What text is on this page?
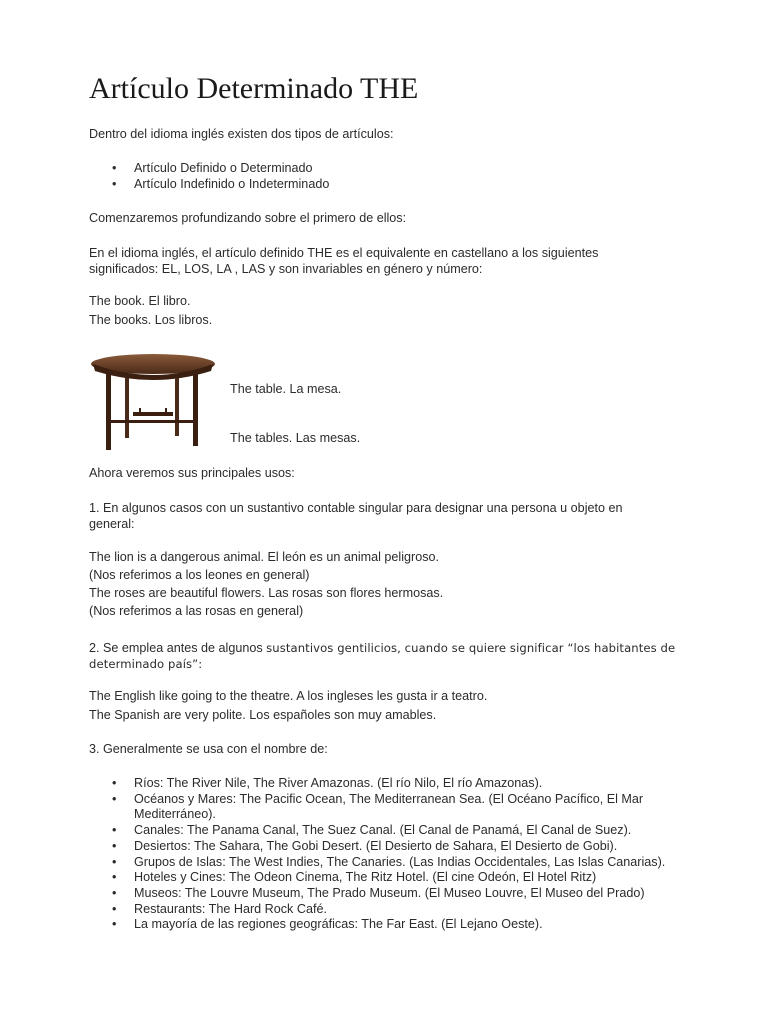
Artículo Determinado THE

Dentro del idioma inglés existen dos tipos de artículos:

• Artículo Definido o Determinado
• Artículo Indefinido o Indeterminado

Comenzaremos profundizando sobre el primero de ellos:

En el idioma inglés, el artículo definido THE es el equivalente en castellano a los siguientes

significados: EL, LOS, LA , LAS y son invariables en género y número:

The book. El libro.

The books. Los libros.

The table. La mesa.

The tables. Las mesas.

Ahora veremos sus principales usos:

1. En algunos casos con un sustantivo contable singular para designar una persona u objeto en

general:

The lion is a dangerous animal. El león es un animal peligroso.

(Nos referimos a los leones en general)

The roses are beautiful flowers. Las rosas son flores hermosas.

(Nos referimos a las rosas en general)

2. Se emplea antes de algunos sustantivos gentilicios, cuando se quiere significar “los habitantes de

determinado país”:

The English like going to the theatre. A los ingleses les gusta ir a teatro.

The Spanish are very polite. Los españoles son muy amables.

3. Generalmente se usa con el nombre de:

• Ríos: The River Nile, The River Amazonas. (El río Nilo, El río Amazonas).
• Océanos y Mares: The Pacific Ocean, The Mediterranean Sea. (El Océano Pacífico, El Mar Mediterráneo).
• Canales: The Panama Canal, The Suez Canal. (El Canal de Panamá, El Canal de Suez).
• Desiertos: The Sahara, The Gobi Desert. (El Desierto de Sahara, El Desierto de Gobi).
• Grupos de Islas: The West Indies, The Canaries. (Las Indias Occidentales, Las Islas Canarias).
• Hoteles y Cines: The Odeon Cinema, The Ritz Hotel. (El cine Odeón, El Hotel Ritz)
• Museos: The Louvre Museum, The Prado Museum. (El Museo Louvre, El Museo del Prado)
• Restaurants: The Hard Rock Café.
• La mayoría de las regiones geográficas: The Far East. (El Lejano Oeste).
